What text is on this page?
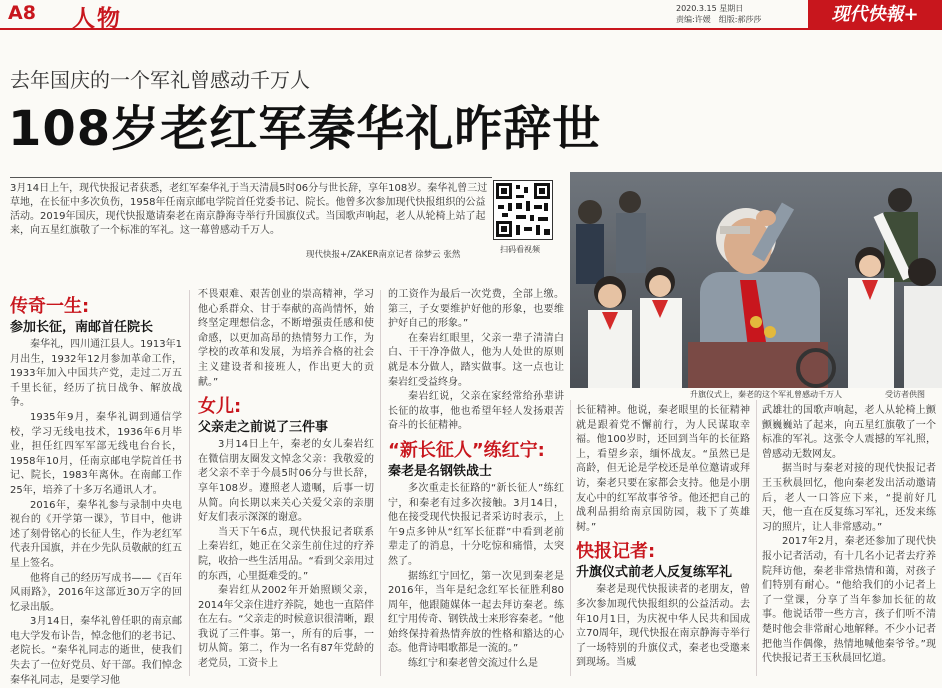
A8 人物	2020.3.15 星期日
责编:许媛　组版:郝莎莎	现代快報+
去年国庆的一个军礼曾感动千万人
108岁老红军秦华礼昨辞世
3月14日上午，现代快报记者获悉，老红军秦华礼于当天清晨5时06分与世长辞，享年108岁。秦华礼曾三过草地，在长征中多次负伤，1958年任南京邮电学院首任党委书记、院长。他曾多次参加现代快报组织的公益活动。2019年国庆，现代快报邀请秦老在南京静海寺举行升国旗仪式。当国歌声响起，老人从轮椅上站了起来，向五星红旗敬了一个标准的军礼。这一幕曾感动千万人。
现代快报+/ZAKER南京记者 徐梦云 张然
扫码看视频
升旗仪式上，秦老的这个军礼曾感动千万人	受访者供图
传奇一生:
参加长征，南邮首任院长

秦华礼，四川通江县人。1913年1月出生，1932年12月参加革命工作，1933年加入中国共产党，走过二万五千里长征，经历了抗日战争、解放战争。

1935年9月，秦华礼调到通信学校，学习无线电技术，1936年6月毕业，担任红四军军部无线电台台长，1958年10月，任南京邮电学院首任书记、院长，1983年离休。在南邮工作25年，培养了十多万名通讯人才。

2016年，秦华礼参与录制中央电视台的《开学第一课》，节目中，他讲述了刻骨铭心的长征人生，作为老红军代表升国旗，并在少先队员敬献的红五星上签名。

他将自己的经历写成书——《百年风雨路》，2016年这部近30万字的回忆录出版。

3月14日，秦华礼曾任职的南京邮电大学发布讣告，悼念他们的老书记、老院长。“秦华礼同志的逝世，使我们失去了一位好党员、好干部。我们悼念秦华礼同志，是要学习他

不畏艰难、艰苦创业的崇高精神，学习他心系群众、甘于奉献的高尚情怀，始终坚定理想信念，不断增强责任感和使命感，以更加高昂的热情努力工作，为学校的改革和发展，为培养合格的社会主义建设者和接班人，作出更大的贡献。”

女儿:
父亲走之前说了三件事

3月14日上午，秦老的女儿秦岩红在微信朋友圈发文悼念父亲：我敬爱的老父亲不幸于今晨5时06分与世长辞，享年108岁。遵照老人遗嘱，后事一切从简。向长期以来关心关爱父亲的亲朋好友们表示深深的谢意。

当天下午6点，现代快报记者联系上秦岩红，她正在父亲生前住过的疗养院，收拾一些生活用品。“看到父亲用过的东西，心里挺难受的。”

秦岩红从2002年开始照顾父亲，2014年父亲住进疗养院，她也一直陪伴在左右。“父亲走的时候意识很清晰，跟我说了三件事。第一，所有的后事，一切从简。第二，作为一名有87年党龄的老党员，工资卡上

的工资作为最后一次党费，全部上缴。第三，子女要维护好他的形象，也要维护好自己的形象。”

在秦岩红眼里，父亲一辈子清清白白、干干净净做人，他为人处世的原则就是本分做人，踏实做事。这一点也让秦岩红受益终身。

秦岩红说，父亲在家经常给孙辈讲长征的故事，他也希望年轻人发扬艰苦奋斗的长征精神。

“新长征人”练红宁:
秦老是名钢铁战士

多次重走长征路的“新长征人”练红宁，和秦老有过多次接触。3月14日，他在接受现代快报记者采访时表示，上午9点多钟从“红军长征群”中看到老前辈走了的消息，十分吃惊和痛惜，太突然了。

据练红宁回忆，第一次见到秦老是2016年，当年是纪念红军长征胜利80周年，他跟随媒体一起去拜访秦老。练红宁用传奇、钢铁战士来形容秦老。“他始终保持着热情奔放的性格和豁达的心态。他背诗唱歌都是一流的。”

练红宁和秦老曾交流过什么是

长征精神。他说，秦老眼里的长征精神就是跟着党不懈前行，为人民谋取幸福。他100岁时，还回到当年的长征路上，看望乡亲，缅怀战友。“虽然已是高龄，但无论是学校还是单位邀请或拜访，秦老只要在家都会支持。他是小朋友心中的红军故事爷爷。他还把自己的战利品捐给南京国防园，栽下了英雄树。”

快报记者:
升旗仪式前老人反复练军礼

秦老是现代快报读者的老朋友，曾多次参加现代快报组织的公益活动。去年10月1日，为庆祝中华人民共和国成立70周年，现代快报在南京静海寺举行了一场特别的升旗仪式，秦老也受邀来到现场。当威

武雄壮的国歌声响起，老人从轮椅上颤颤巍巍站了起来，向五星红旗敬了一个标准的军礼。这张令人震撼的军礼照，曾感动无数网友。

据当时与秦老对接的现代快报记者王玉秋晨回忆，他向秦老发出活动邀请后，老人一口答应下来，“提前好几天，他一直在反复练习军礼，还发来练习的照片，让人非常感动。”

2017年2月，秦老还参加了现代快报小记者活动，有十几名小记者去疗养院拜访他，秦老非常热情和蔼，对孩子们特别有耐心。“他给我们的小记者上了一堂课，分享了当年参加长征的故事。他说话带一些方言，孩子们听不清楚时他会非常耐心地解释。不少小记者把他当作偶像，热情地喊他秦爷爷。”现代快报记者王玉秋晨回忆道。
